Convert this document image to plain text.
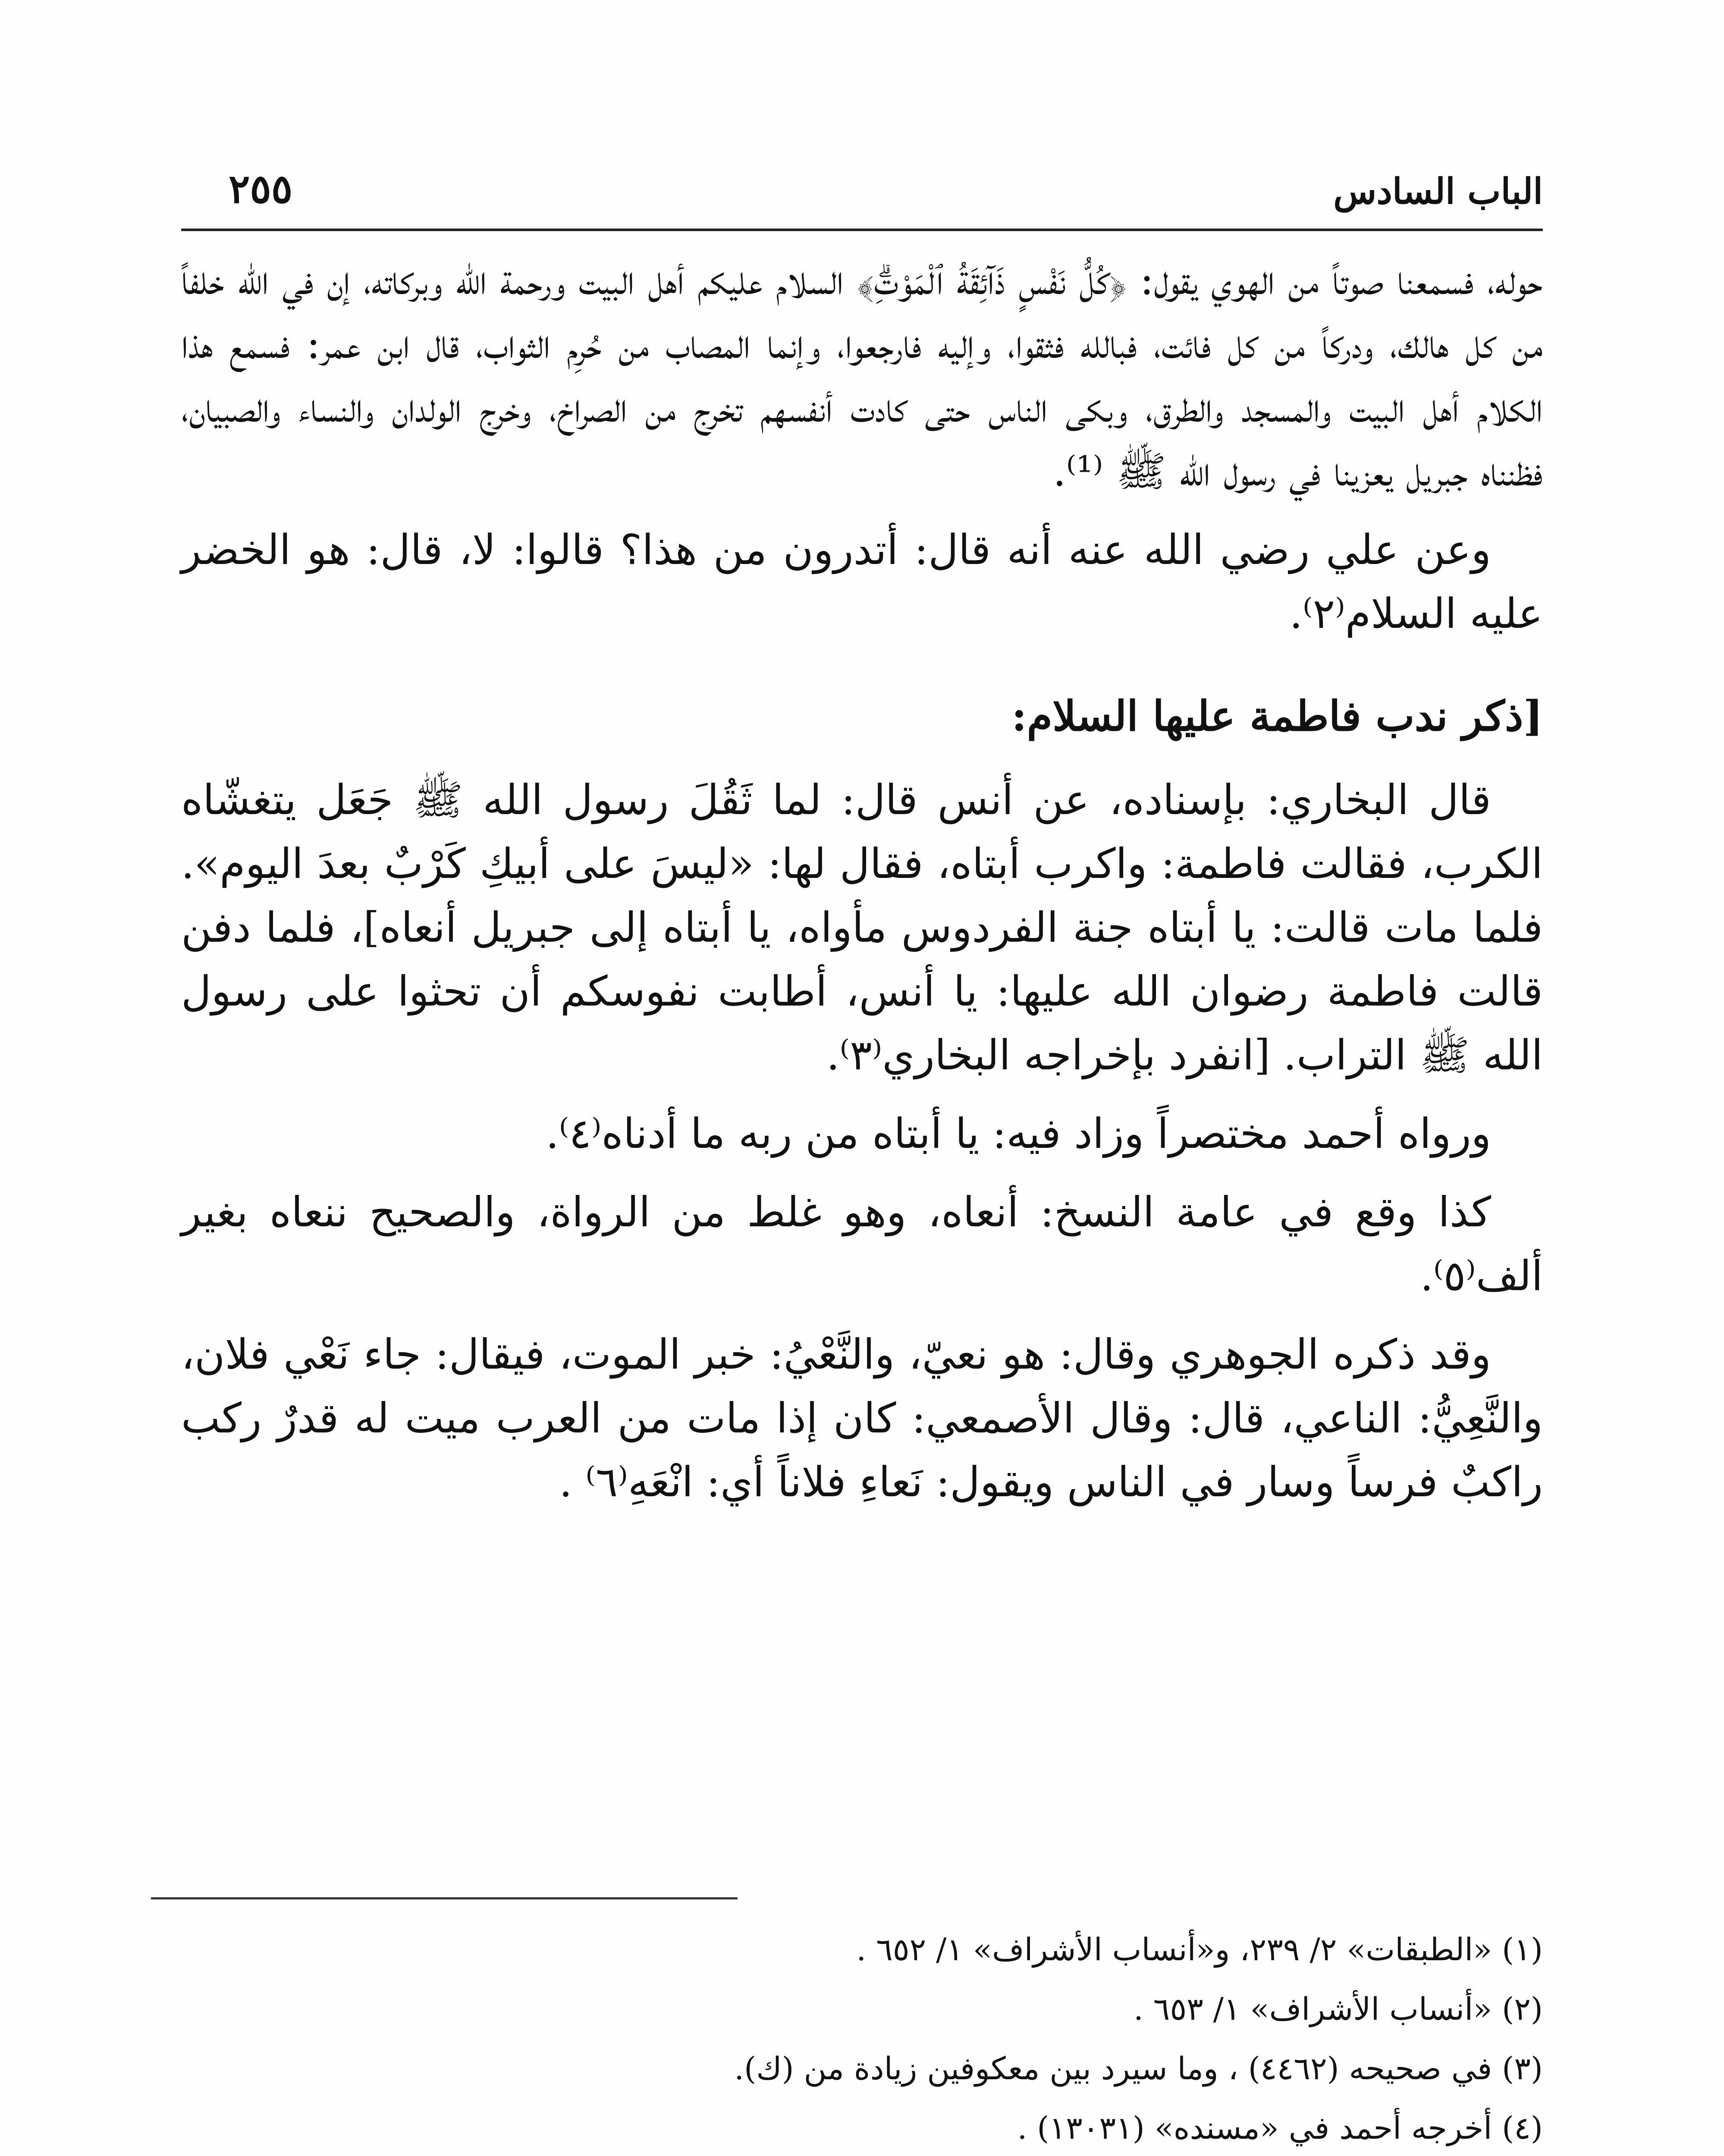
الباب السادس
٢٥٥

حوله، فسمعنا صوتاً من الهوي يقول: ﴿كُلُّ نَفْسٍ ذَآئِقَةُ ٱلْمَوْتِۗ﴾ السلام عليكم أهل البيت ورحمة الله وبركاته، إن في الله خلفاً من كل هالك، ودركاً من كل فائت، فبالله فثقوا، وإليه فارجعوا، وإنما المصاب من حُرِم الثواب، قال ابن عمر: فسمع هذا الكلام أهل البيت والمسجد والطرق، وبكى الناس حتى كادت أنفسهم تخرج من الصراخ، وخرج الولدان والنساء والصبيان، فظنناه جبريل يعزينا في رسول الله ﷺ ⁽¹⁾.

وعن علي رضي الله عنه أنه قال: أتدرون من هذا؟ قالوا: لا، قال: هو الخضر عليه السلام⁽٢⁾.

[ذكر ندب فاطمة عليها السلام:

قال البخاري: بإسناده، عن أنس قال: لما ثَقُلَ رسول الله ﷺ جَعَل يتغشّاه الكرب، فقالت فاطمة: واكرب أبتاه، فقال لها: «ليسَ على أبيكِ كَرْبٌ بعدَ اليوم». فلما مات قالت: يا أبتاه جنة الفردوس مأواه، يا أبتاه إلى جبريل أنعاه]، فلما دفن قالت فاطمة رضوان الله عليها: يا أنس، أطابت نفوسكم أن تحثوا على رسول الله ﷺ التراب. [انفرد بإخراجه البخاري⁽٣⁾.

ورواه أحمد مختصراً وزاد فيه: يا أبتاه من ربه ما أدناه⁽٤⁾.

كذا وقع في عامة النسخ: أنعاه، وهو غلط من الرواة، والصحيح ننعاه بغير ألف⁽٥⁾.

وقد ذكره الجوهري وقال: هو نعيّ، والنَّعْيُ: خبر الموت، فيقال: جاء نَعْي فلان، والنَّعِيُّ: الناعي، قال: وقال الأصمعي: كان إذا مات من العرب ميت له قدرٌ ركب راكبٌ فرساً وسار في الناس ويقول: نَعاءِ فلاناً أي: انْعَهِ⁽٦⁾ .

(١) «الطبقات» ٢/ ٢٣٩، و«أنساب الأشراف» ١/ ٦٥٢ .

(٢) «أنساب الأشراف» ١/ ٦٥٣ .

(٣) في صحيحه (٤٤٦٢) ، وما سيرد بين معكوفين زيادة من (ك).

(٤) أخرجه أحمد في «مسنده» (١٣٠٣١) .
